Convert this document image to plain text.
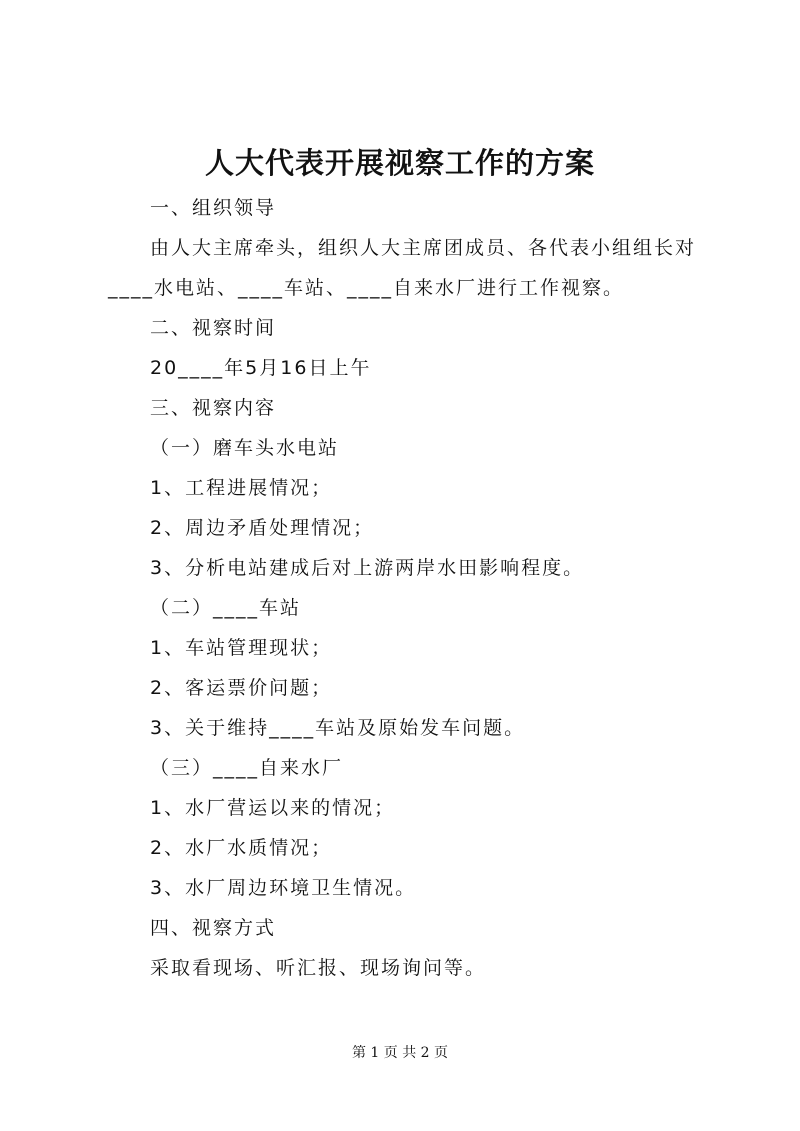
人大代表开展视察工作的方案
一、组织领导
由人大主席牵头，组织人大主席团成员、各代表小组组长对
____水电站、____车站、____自来水厂进行工作视察。
二、视察时间
20____年5月16日上午
三、视察内容
（一）磨车头水电站
1、工程进展情况；
2、周边矛盾处理情况；
3、分析电站建成后对上游两岸水田影响程度。
（二）____车站
1、车站管理现状；
2、客运票价问题；
3、关于维持____车站及原始发车问题。
（三）____自来水厂
1、水厂营运以来的情况；
2、水厂水质情况；
3、水厂周边环境卫生情况。
四、视察方式
采取看现场、听汇报、现场询问等。
第 1 页 共 2 页
